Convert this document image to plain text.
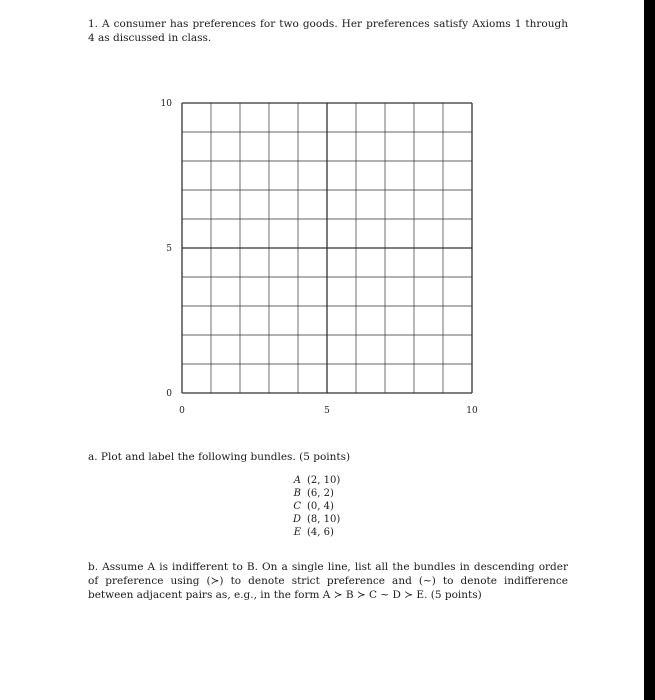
1. A consumer has preferences for two goods. Her preferences satisfy Axioms 1 through 4 as discussed in class.
0	5	10
0
5
10
a. Plot and label the following bundles. (5 points)
A	(2, 10)
B	(6, 2)
C	(0, 4)
D	(8, 10)
E	(4, 6)
b. Assume A is indifferent to B. On a single line, list all the bundles in descending order of preference using (≻) to denote strict preference and (∼) to denote indifference between adjacent pairs as, e.g., in the form A ≻ B ≻ C ∼ D ≻ E. (5 points)
